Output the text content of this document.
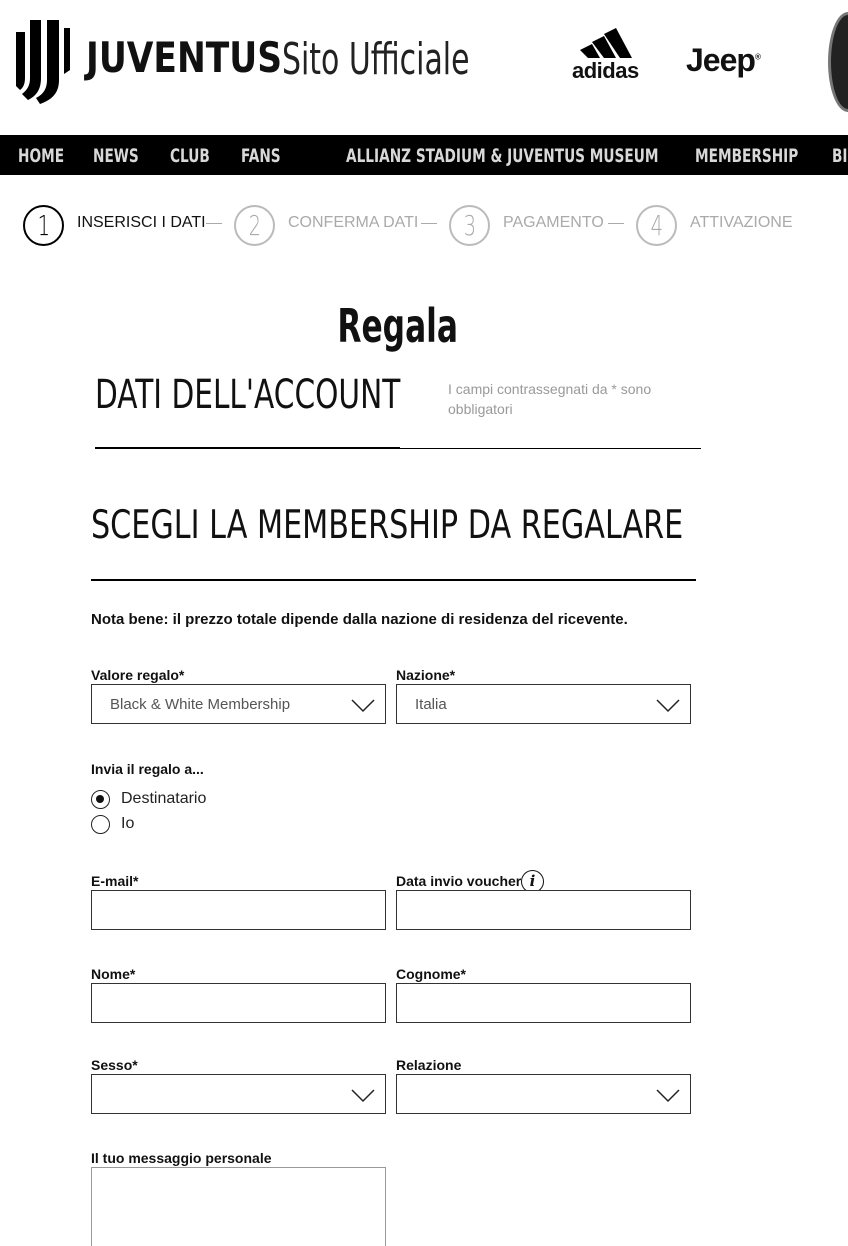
JUVENTUS Sito Ufficiale	adidas Jeep®
HOME NEWS CLUB FANS	ALLIANZ STADIUM & JUVENTUS MUSEUM MEMBERSHIP BI
1	INSERISCI I DATI	2	CONFERMA DATI	3	PAGAMENTO	4	ATTIVAZIONE
Regala
DATI DELL'ACCOUNT	I campi contrassegnati da * sono obbligatori
SCEGLI LA MEMBERSHIP DA REGALARE
Nota bene: il prezzo totale dipende dalla nazione di residenza del ricevente.
Valore regalo*
Black & White Membership
Nazione*
Italia
Invia il regalo a...
Destinatario
Io
E-mail*	Data invio voucher i
Nome*	Cognome*
Sesso*	Relazione
Il tuo messaggio personale
